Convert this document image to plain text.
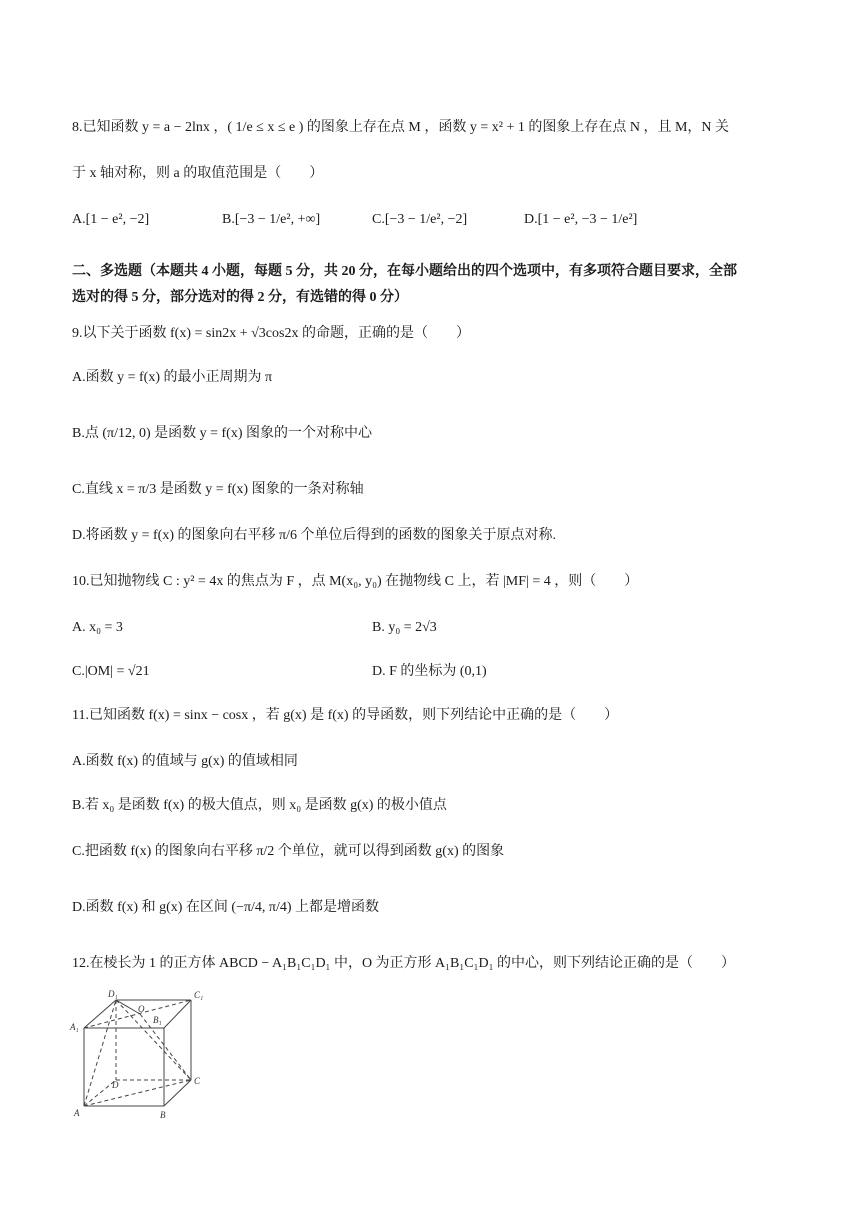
8.已知函数 y = a − 2lnx ，( 1/e ≤ x ≤ e ) 的图象上存在点 M ，函数 y = x² + 1 的图象上存在点 N ，且 M，N 关
于 x 轴对称，则 a 的取值范围是（　　）
A.[1 − e², −2]	B.[−3 − 1/e², +∞]	C.[−3 − 1/e², −2]	D.[1 − e², −3 − 1/e²]
二、多选题（本题共 4 小题，每题 5 分，共 20 分，在每小题给出的四个选项中，有多项符合题目要求，全部
选对的得 5 分，部分选对的得 2 分，有选错的得 0 分）
9.以下关于函数 f(x) = sin2x + √3cos2x 的命题，正确的是（　　）
A.函数 y = f(x) 的最小正周期为 π
B.点 (π/12, 0) 是函数 y = f(x) 图象的一个对称中心
C.直线 x = π/3 是函数 y = f(x) 图象的一条对称轴
D.将函数 y = f(x) 的图象向右平移 π/6 个单位后得到的函数的图象关于原点对称.
10.已知抛物线 C : y² = 4x 的焦点为 F ，点 M(x₀, y₀) 在抛物线 C 上，若 |MF| = 4 ，则（　　）
A. x₀ = 3	B. y₀ = 2√3
C.|OM| = √21	D. F 的坐标为 (0,1)
11.已知函数 f(x) = sinx − cosx ，若 g(x) 是 f(x) 的导函数，则下列结论中正确的是（　　）
A.函数 f(x) 的值域与 g(x) 的值域相同
B.若 x₀ 是函数 f(x) 的极大值点，则 x₀ 是函数 g(x) 的极小值点
C.把函数 f(x) 的图象向右平移 π/2 个单位，就可以得到函数 g(x) 的图象
D.函数 f(x) 和 g(x) 在区间 (−π/4, π/4) 上都是增函数
12.在棱长为 1 的正方体 ABCD − A₁B₁C₁D₁ 中，O 为正方形 A₁B₁C₁D₁ 的中心，则下列结论正确的是（　　）
D₁	C₁
A₁
O
B₁
D	C
A	B
